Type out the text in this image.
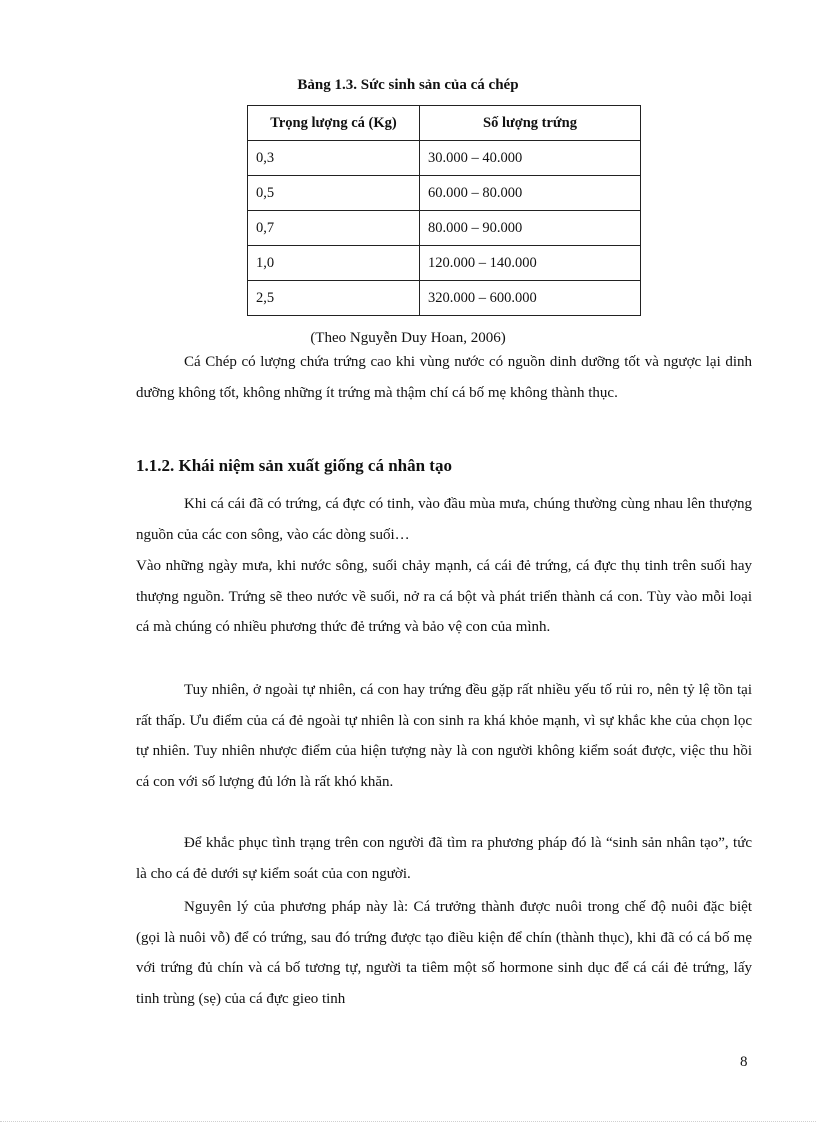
Bảng 1.3. Sức sinh sản của cá chép
Trọng lượng cá (Kg)	Số lượng trứng
0,3	30.000 – 40.000
0,5	60.000 – 80.000
0,7	80.000 – 90.000
1,0	120.000 – 140.000
2,5	320.000 – 600.000
(Theo Nguyễn Duy Hoan, 2006)

Cá Chép có lượng chứa trứng cao khi vùng nước có nguồn dinh dưỡng tốt và ngược lại dinh dưỡng không tốt, không những ít trứng mà thậm chí cá bố mẹ không thành thục.

1.1.2. Khái niệm sản xuất giống cá nhân tạo

Khi cá cái đã có trứng, cá đực có tinh, vào đầu mùa mưa, chúng thường cùng nhau lên thượng nguồn của các con sông, vào các dòng suối…

Vào những ngày mưa, khi nước sông, suối chảy mạnh, cá cái đẻ trứng, cá đực thụ tinh trên suối hay thượng nguồn. Trứng sẽ theo nước về suối, nở ra cá bột và phát triển thành cá con. Tùy vào mỗi loại cá mà chúng có nhiều phương thức đẻ trứng và bảo vệ con của mình.

Tuy nhiên, ở ngoài tự nhiên, cá con hay trứng đều gặp rất nhiều yếu tố rủi ro, nên tỷ lệ tồn tại rất thấp. Ưu điểm của cá đẻ ngoài tự nhiên là con sinh ra khá khỏe mạnh, vì sự khắc khe của chọn lọc tự nhiên. Tuy nhiên nhược điểm của hiện tượng này là con người không kiểm soát được, việc thu hồi cá con với số lượng đủ lớn là rất khó khăn.

Để khắc phục tình trạng trên con người đã tìm ra phương pháp đó là “sinh sản nhân tạo”, tức là cho cá đẻ dưới sự kiểm soát của con người.

Nguyên lý của phương pháp này là: Cá trưởng thành được nuôi trong chế độ nuôi đặc biệt (gọi là nuôi vỗ) để có trứng, sau đó trứng được tạo điều kiện để chín (thành thục), khi đã có cá bố mẹ với trứng đủ chín và cá bố tương tự, người ta tiêm một số hormone sinh dục để cá cái đẻ trứng, lấy tinh trùng (sẹ) của cá đực gieo tinh

8
